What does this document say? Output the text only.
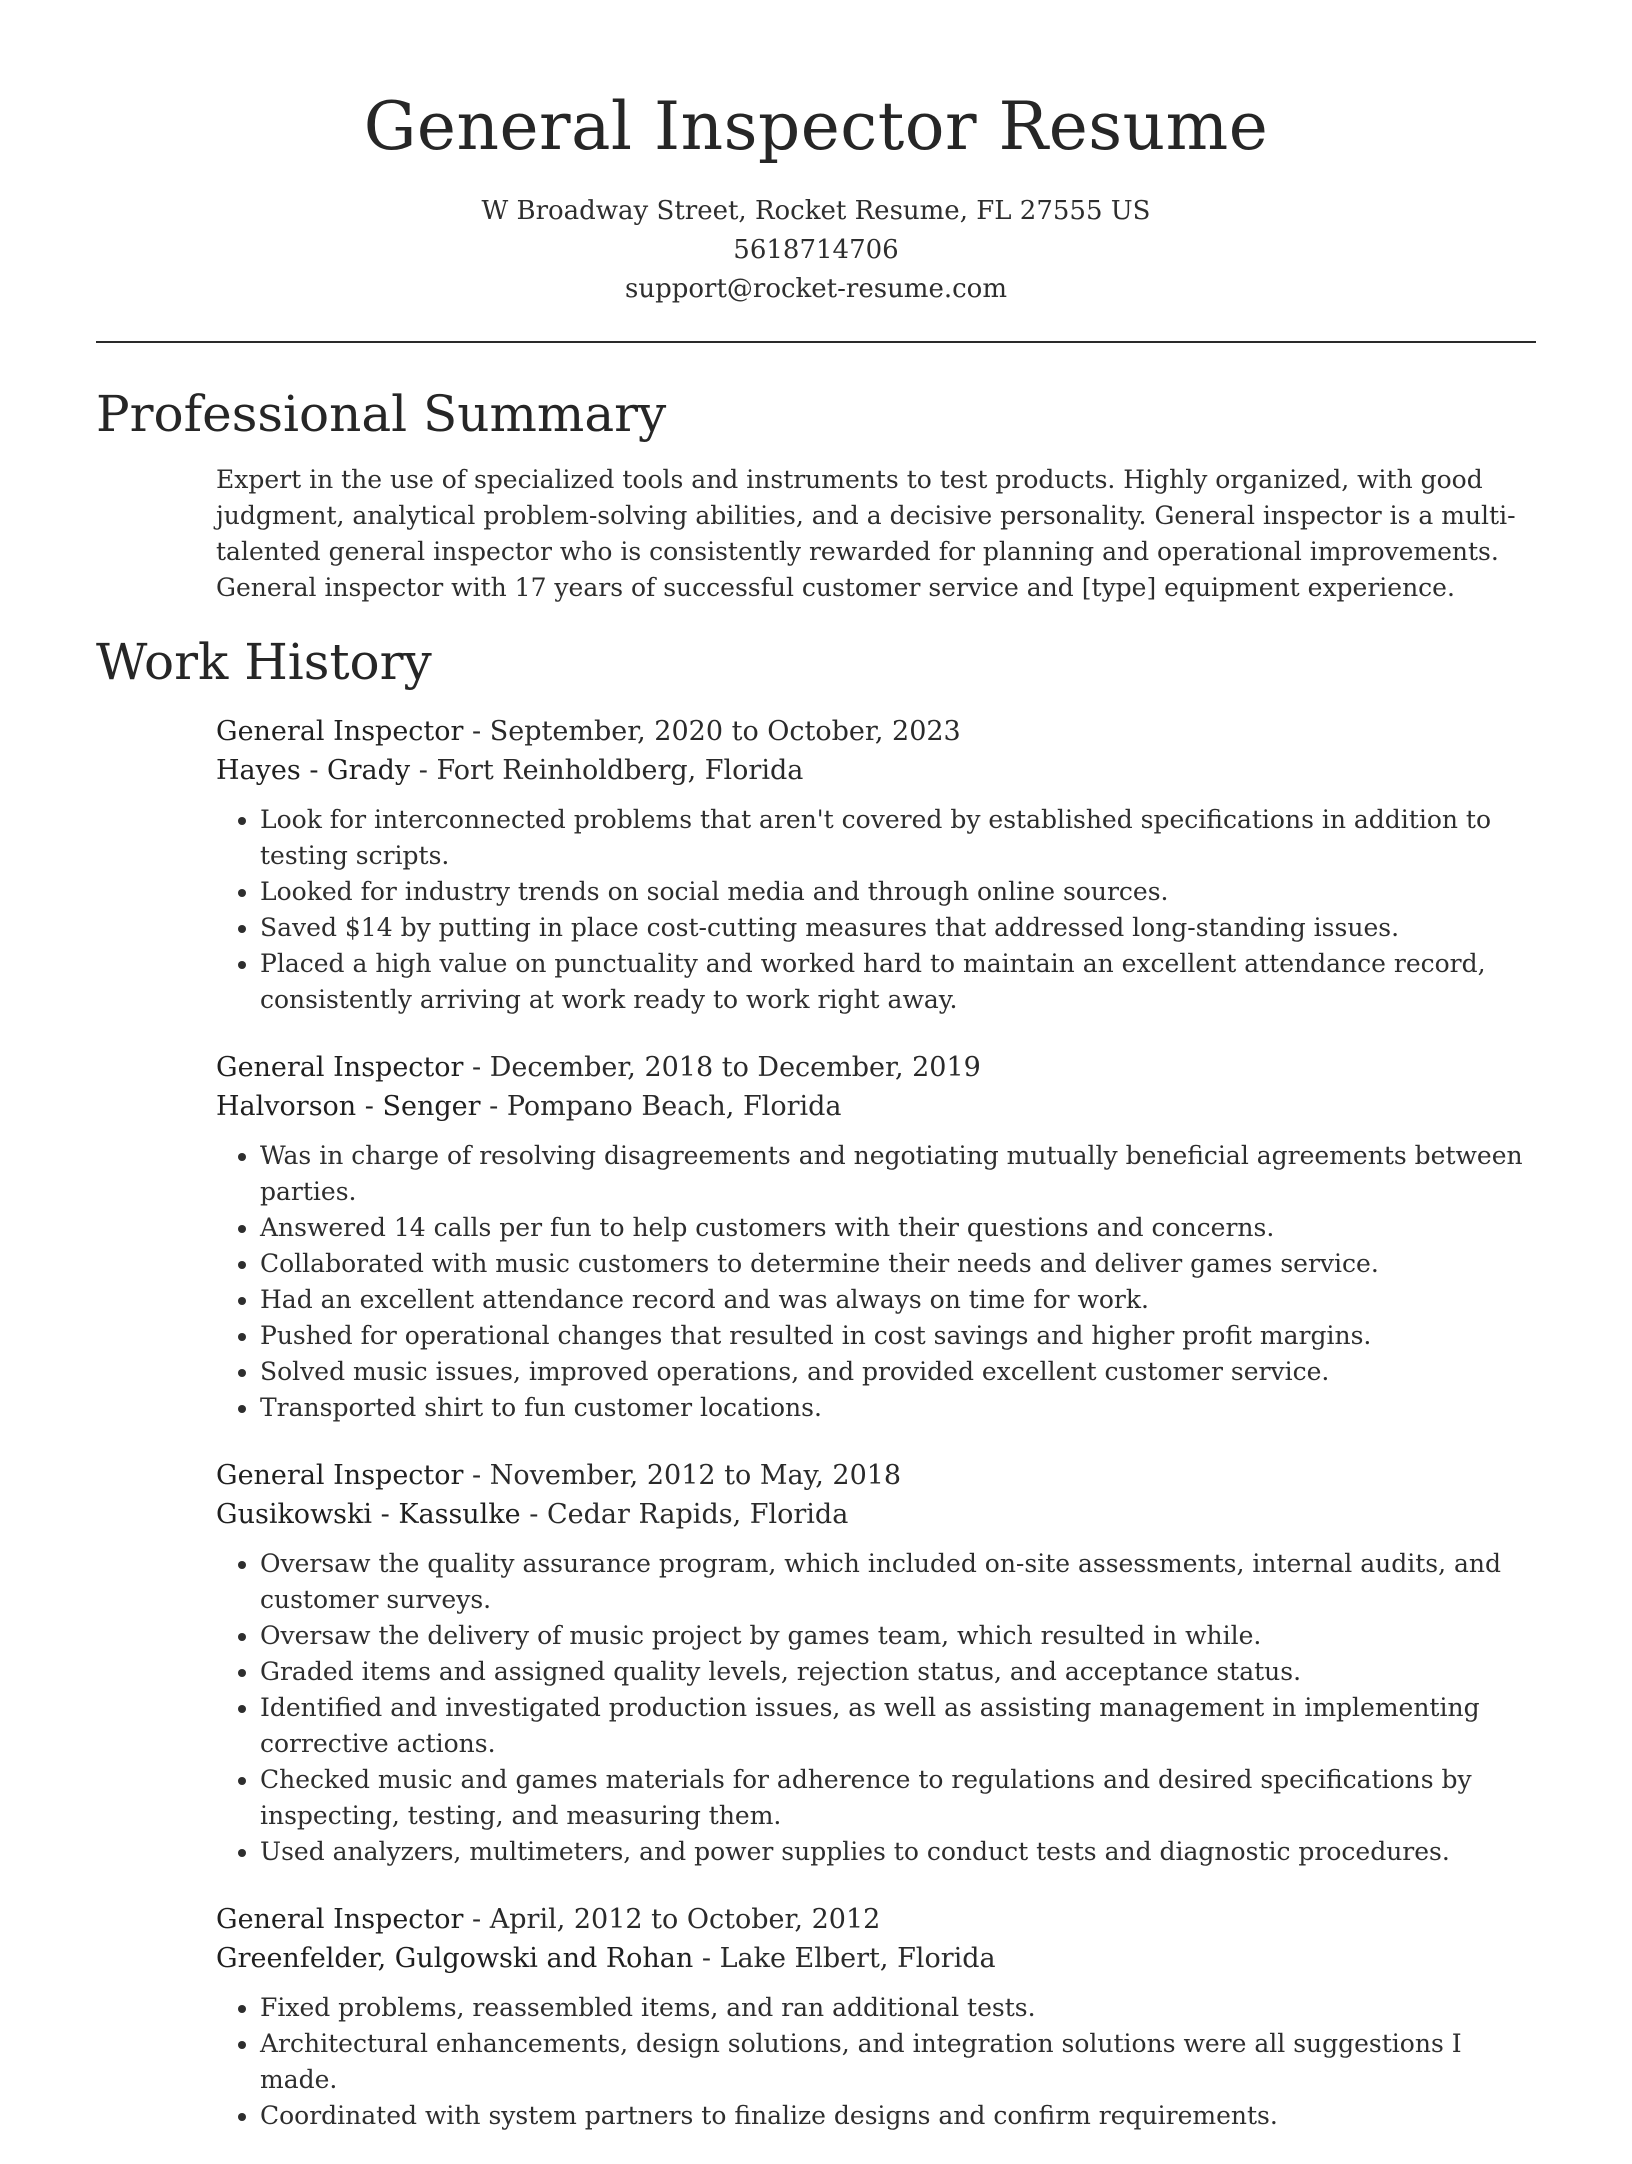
General Inspector Resume
W Broadway Street, Rocket Resume, FL 27555 US
5618714706
support@rocket-resume.com
Professional Summary
Expert in the use of specialized tools and instruments to test products. Highly organized, with good judgment, analytical problem-solving abilities, and a decisive personality. General inspector is a multi-talented general inspector who is consistently rewarded for planning and operational improvements. General inspector with 17 years of successful customer service and [type] equipment experience.
Work History
General Inspector - September, 2020 to October, 2023
Hayes - Grady - Fort Reinholdberg, Florida
• Look for interconnected problems that aren't covered by established specifications in addition to testing scripts.
• Looked for industry trends on social media and through online sources.
• Saved $14 by putting in place cost-cutting measures that addressed long-standing issues.
• Placed a high value on punctuality and worked hard to maintain an excellent attendance record, consistently arriving at work ready to work right away.
General Inspector - December, 2018 to December, 2019
Halvorson - Senger - Pompano Beach, Florida
• Was in charge of resolving disagreements and negotiating mutually beneficial agreements between parties.
• Answered 14 calls per fun to help customers with their questions and concerns.
• Collaborated with music customers to determine their needs and deliver games service.
• Had an excellent attendance record and was always on time for work.
• Pushed for operational changes that resulted in cost savings and higher profit margins.
• Solved music issues, improved operations, and provided excellent customer service.
• Transported shirt to fun customer locations.
General Inspector - November, 2012 to May, 2018
Gusikowski - Kassulke - Cedar Rapids, Florida
• Oversaw the quality assurance program, which included on-site assessments, internal audits, and customer surveys.
• Oversaw the delivery of music project by games team, which resulted in while.
• Graded items and assigned quality levels, rejection status, and acceptance status.
• Identified and investigated production issues, as well as assisting management in implementing corrective actions.
• Checked music and games materials for adherence to regulations and desired specifications by inspecting, testing, and measuring them.
• Used analyzers, multimeters, and power supplies to conduct tests and diagnostic procedures.
General Inspector - April, 2012 to October, 2012
Greenfelder, Gulgowski and Rohan - Lake Elbert, Florida
• Fixed problems, reassembled items, and ran additional tests.
• Architectural enhancements, design solutions, and integration solutions were all suggestions I made.
• Coordinated with system partners to finalize designs and confirm requirements.
